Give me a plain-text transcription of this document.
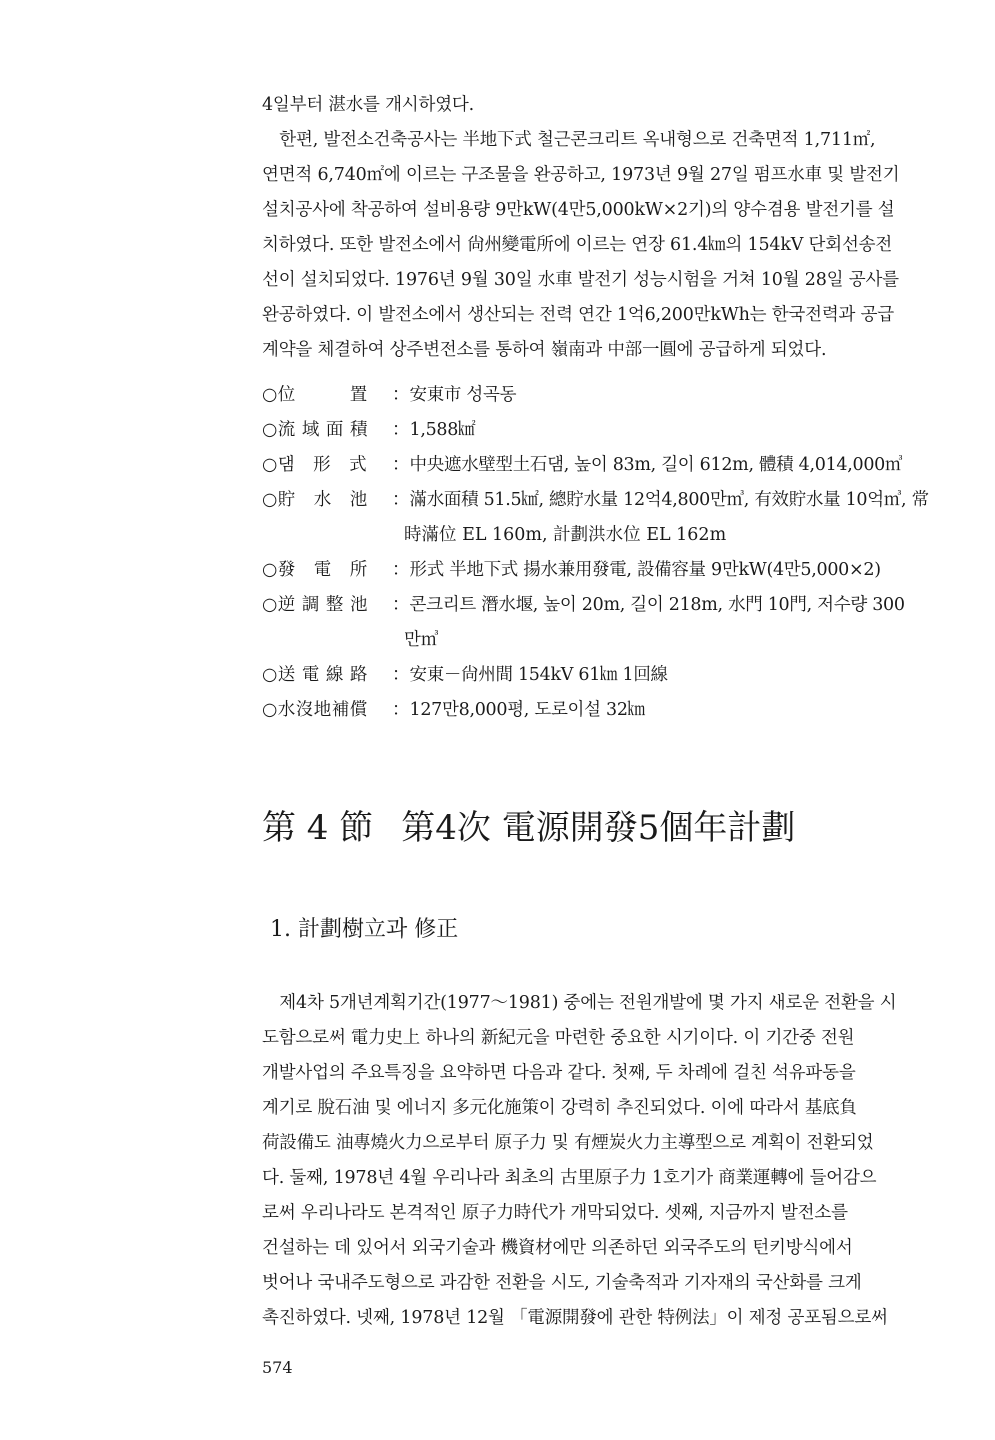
4일부터 湛水를 개시하였다.
　한편, 발전소건축공사는 半地下式 철근콘크리트 옥내형으로 건축면적 1,711㎡,
연면적 6,740㎡에 이르는 구조물을 완공하고, 1973년 9월 27일 펌프水車 및 발전기
설치공사에 착공하여 설비용량 9만kW(4만5,000kW×2기)의 양수겸용 발전기를 설
치하였다. 또한 발전소에서 尙州變電所에 이르는 연장 61.4㎞의 154kV 단회선송전
선이 설치되었다. 1976년 9월 30일 水車 발전기 성능시험을 거쳐 10월 28일 공사를
완공하였다. 이 발전소에서 생산되는 전력 연간 1억6,200만kWh는 한국전력과 공급
계약을 체결하여 상주변전소를 통하여 嶺南과 中部一圓에 공급하게 되었다.
○位　　　置	： 安東市 성곡동
○流 域 面 積	： 1,588㎢
○댐　形　式	： 中央遮水壁型土石댐, 높이 83m, 길이 612m, 體積 4,014,000㎥
○貯　水　池	： 滿水面積 51.5㎢, 總貯水量 12억4,800만㎥, 有效貯水量 10억㎥, 常
時滿位 EL 160m, 計劃洪水位 EL 162m
○發　電　所	： 形式 半地下式 揚水兼用發電, 設備容量 9만kW(4만5,000×2)
○逆 調 整 池	： 콘크리트 潛水堰, 높이 20m, 길이 218m, 水門 10門, 저수량 300
만㎥
○送 電 線 路	： 安東－尙州間 154kV 61㎞ 1回線
○水沒地補償	： 127만8,000평, 도로이설 32㎞
第 4 節 第4次 電源開發5個年計劃
1. 計劃樹立과 修正
　제4차 5개년계획기간(1977～1981) 중에는 전원개발에 몇 가지 새로운 전환을 시
도함으로써 電力史上 하나의 新紀元을 마련한 중요한 시기이다. 이 기간중 전원
개발사업의 주요특징을 요약하면 다음과 같다. 첫째, 두 차례에 걸친 석유파동을
계기로 脫石油 및 에너지 多元化施策이 강력히 추진되었다. 이에 따라서 基底負
荷設備도 油專燒火力으로부터 原子力 및 有煙炭火力主導型으로 계획이 전환되었
다. 둘째, 1978년 4월 우리나라 최초의 古里原子力 1호기가 商業運轉에 들어감으
로써 우리나라도 본격적인 原子力時代가 개막되었다. 셋째, 지금까지 발전소를
건설하는 데 있어서 외국기술과 機資材에만 의존하던 외국주도의 턴키방식에서
벗어나 국내주도형으로 과감한 전환을 시도, 기술축적과 기자재의 국산화를 크게
촉진하였다. 넷째, 1978년 12월 「電源開發에 관한 特例法」이 제정 공포됨으로써
574
